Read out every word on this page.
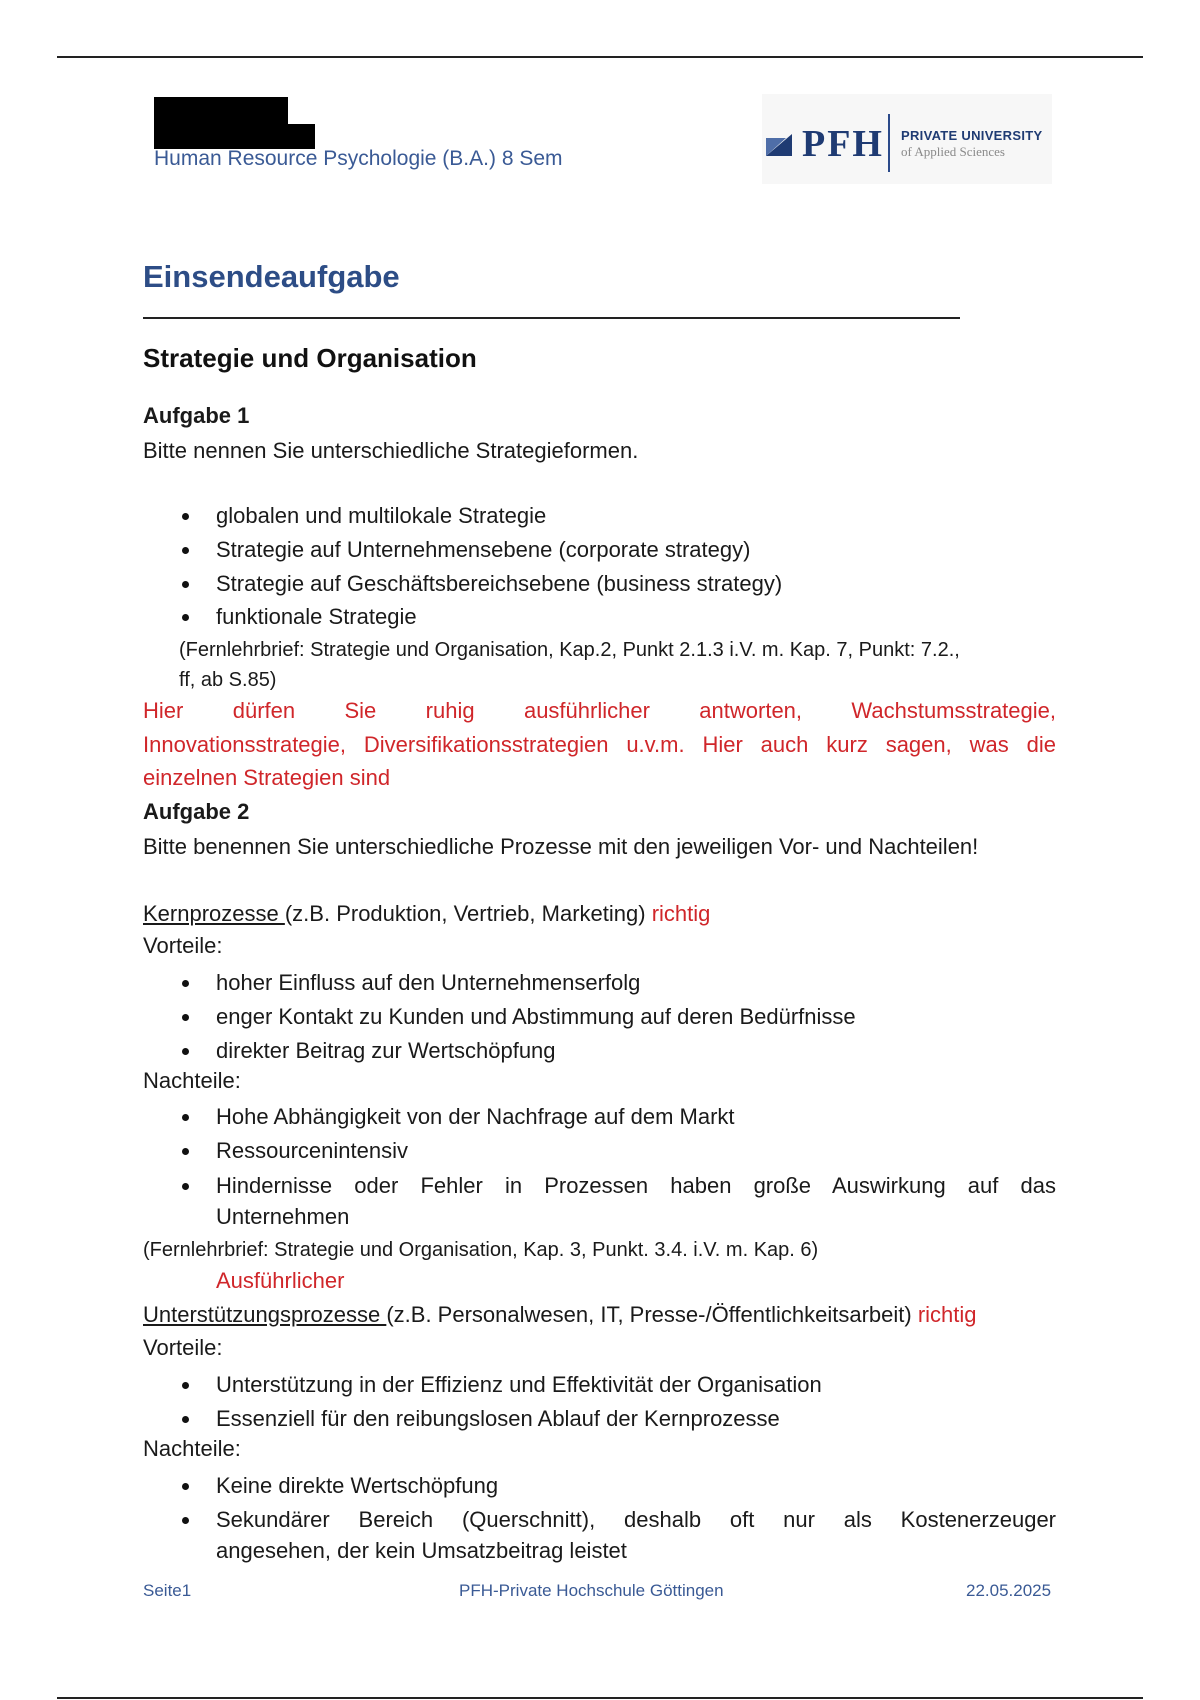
Human Resource Psychologie (B.A.) 8 Sem	PFH PRIVATE UNIVERSITY
of Applied Sciences
Einsendeaufgabe
Strategie und Organisation
Aufgabe 1
Bitte nennen Sie unterschiedliche Strategieformen.
globalen und multilokale Strategie
Strategie auf Unternehmensebene (corporate strategy)
Strategie auf Geschäftsbereichsebene (business strategy)
funktionale Strategie
(Fernlehrbrief: Strategie und Organisation, Kap.2, Punkt 2.1.3 i.V. m. Kap. 7, Punkt: 7.2.,
ff, ab S.85)
Hier dürfen Sie ruhig ausführlicher antworten, Wachstumsstrategie,
Innovationsstrategie, Diversifikationsstrategien u.v.m. Hier auch kurz sagen, was die
einzelnen Strategien sind
Aufgabe 2
Bitte benennen Sie unterschiedliche Prozesse mit den jeweiligen Vor- und Nachteilen!
Kernprozesse (z.B. Produktion, Vertrieb, Marketing) richtig
Vorteile:
hoher Einfluss auf den Unternehmenserfolg
enger Kontakt zu Kunden und Abstimmung auf deren Bedürfnisse
direkter Beitrag zur Wertschöpfung
Nachteile:
Hohe Abhängigkeit von der Nachfrage auf dem Markt
Ressourcenintensiv
Hindernisse oder Fehler in Prozessen haben große Auswirkung auf das
Unternehmen
(Fernlehrbrief: Strategie und Organisation, Kap. 3, Punkt. 3.4. i.V. m. Kap. 6)
Ausführlicher
Unterstützungsprozesse (z.B. Personalwesen, IT, Presse-/Öffentlichkeitsarbeit) richtig
Vorteile:
Unterstützung in der Effizienz und Effektivität der Organisation
Essenziell für den reibungslosen Ablauf der Kernprozesse
Nachteile:
Keine direkte Wertschöpfung
Sekundärer Bereich (Querschnitt), deshalb oft nur als Kostenerzeuger
angesehen, der kein Umsatzbeitrag leistet
Seite1	PFH-Private Hochschule Göttingen	22.05.2025
